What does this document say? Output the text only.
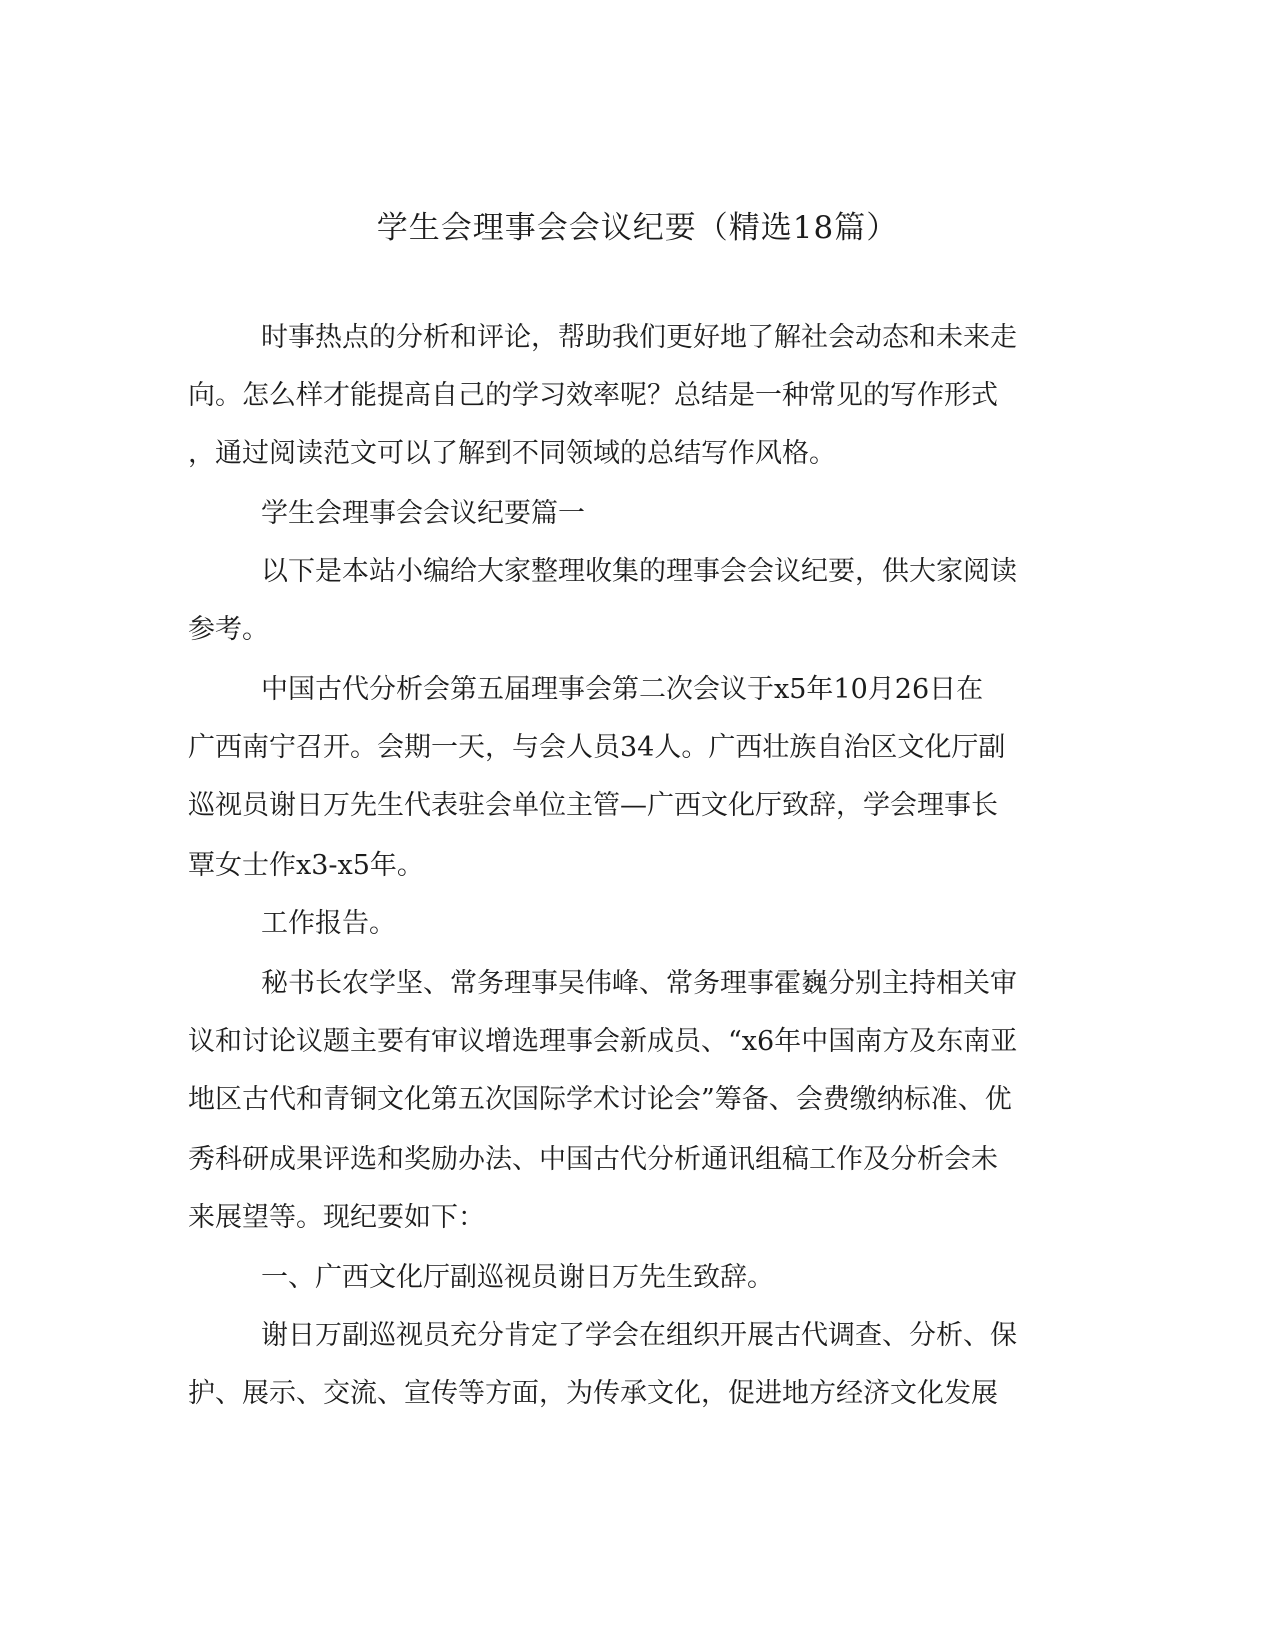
学生会理事会会议纪要（精选18篇）

时事热点的分析和评论，帮助我们更好地了解社会动态和未来走

向。怎么样才能提高自己的学习效率呢？总结是一种常见的写作形式

，通过阅读范文可以了解到不同领域的总结写作风格。

学生会理事会会议纪要篇一

以下是本站小编给大家整理收集的理事会会议纪要，供大家阅读

参考。

中国古代分析会第五届理事会第二次会议于x5年10月26日在

广西南宁召开。会期一天，与会人员34人。广西壮族自治区文化厅副

巡视员谢日万先生代表驻会单位主管—广西文化厅致辞，学会理事长

覃女士作x3-x5年。

工作报告。

秘书长农学坚、常务理事吴伟峰、常务理事霍巍分别主持相关审

议和讨论议题主要有审议增选理事会新成员、“x6年中国南方及东南亚

地区古代和青铜文化第五次国际学术讨论会”筹备、会费缴纳标准、优

秀科研成果评选和奖励办法、中国古代分析通讯组稿工作及分析会未

来展望等。现纪要如下：

一、广西文化厅副巡视员谢日万先生致辞。

谢日万副巡视员充分肯定了学会在组织开展古代调查、分析、保

护、展示、交流、宣传等方面，为传承文化，促进地方经济文化发展
